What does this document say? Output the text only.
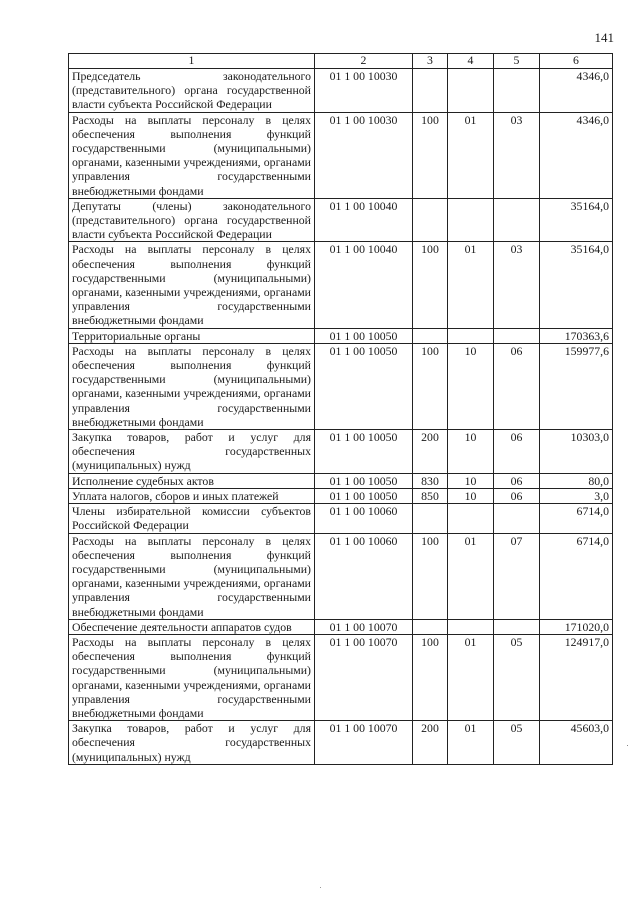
141
1	2	3	4	5	6
Председатель законодательного (представительного) органа государственной власти субъекта Российской Федерации	01 1 00 10030				4346,0
Расходы на выплаты персоналу в целях обеспечения выполнения функций государственными (муниципальными) органами, казенными учреждениями, органами управления государственными внебюджетными фондами	01 1 00 10030	100	01	03	4346,0
Депутаты (члены) законодательного (представительного) органа государственной власти субъекта Российской Федерации	01 1 00 10040				35164,0
Расходы на выплаты персоналу в целях обеспечения выполнения функций государственными (муниципальными) органами, казенными учреждениями, органами управления государственными внебюджетными фондами	01 1 00 10040	100	01	03	35164,0
Территориальные органы	01 1 00 10050				170363,6
Расходы на выплаты персоналу в целях обеспечения выполнения функций государственными (муниципальными) органами, казенными учреждениями, органами управления государственными внебюджетными фондами	01 1 00 10050	100	10	06	159977,6
Закупка товаров, работ и услуг для обеспечения государственных (муниципальных) нужд	01 1 00 10050	200	10	06	10303,0
Исполнение судебных актов	01 1 00 10050	830	10	06	80,0
Уплата налогов, сборов и иных платежей	01 1 00 10050	850	10	06	3,0
Члены избирательной комиссии субъектов Российской Федерации	01 1 00 10060				6714,0
Расходы на выплаты персоналу в целях обеспечения выполнения функций государственными (муниципальными) органами, казенными учреждениями, органами управления государственными внебюджетными фондами	01 1 00 10060	100	01	07	6714,0
Обеспечение деятельности аппаратов судов	01 1 00 10070				171020,0
Расходы на выплаты персоналу в целях обеспечения выполнения функций государственными (муниципальными) органами, казенными учреждениями, органами управления государственными внебюджетными фондами	01 1 00 10070	100	01	05	124917,0
Закупка товаров, работ и услуг для обеспечения государственных (муниципальных) нужд	01 1 00 10070	200	01	05	45603,0
